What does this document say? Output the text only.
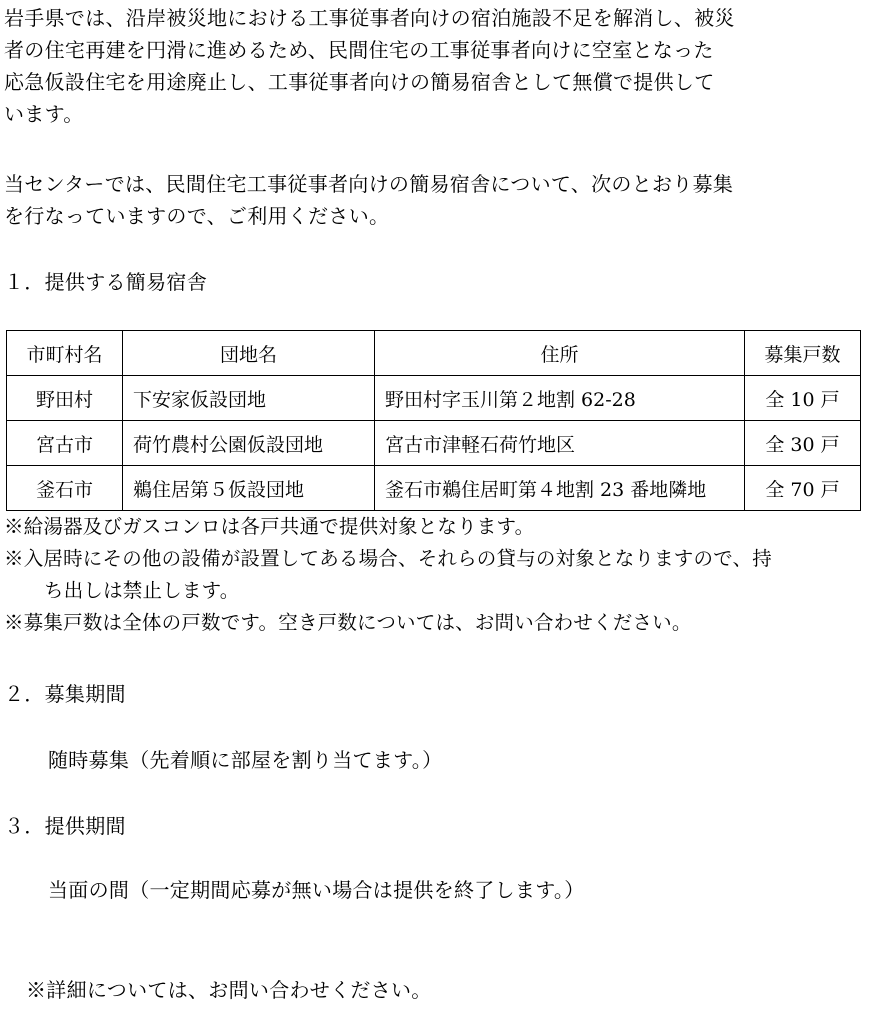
岩手県では、沿岸被災地における工事従事者向けの宿泊施設不足を解消し、被災
者の住宅再建を円滑に進めるため、民間住宅の工事従事者向けに空室となった
応急仮設住宅を用途廃止し、工事従事者向けの簡易宿舎として無償で提供して
います。

当センターでは、民間住宅工事従事者向けの簡易宿舎について、次のとおり募集
を行なっていますので、ご利用ください。

１．提供する簡易宿舎

市町村名	団地名	住所	募集戸数
野田村	下安家仮設団地	野田村字玉川第２地割 62-28	全 10 戸
宮古市	荷竹農村公園仮設団地	宮古市津軽石荷竹地区	全 30 戸
釜石市	鵜住居第５仮設団地	釜石市鵜住居町第４地割 23 番地隣地	全 70 戸
※給湯器及びガスコンロは各戸共通で提供対象となります。
※入居時にその他の設備が設置してある場合、それらの貸与の対象となりますので、持
ち出しは禁止します。
※募集戸数は全体の戸数です。空き戸数については、お問い合わせください。

２．募集期間

随時募集（先着順に部屋を割り当てます。）

３．提供期間

当面の間（一定期間応募が無い場合は提供を終了します。）

※詳細については、お問い合わせください。
